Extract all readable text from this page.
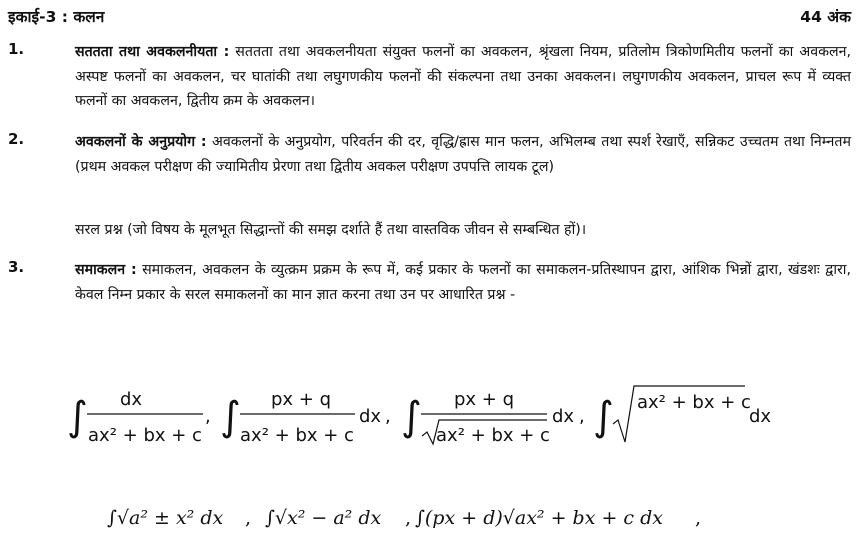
इकाई-3 : कलन	44 अंक
1.	सततता तथा अवकलनीयता : सततता तथा अवकलनीयता संयुक्त फलनों का अवकलन, श्रृंखला नियम, प्रतिलोम त्रिकोणमितीय फलनों का अवकलन, अस्पष्ट फलनों का अवकलन, चर घातांकी तथा लघुगणकीय फलनों की संकल्पना तथा उनका अवकलन। लघुगणकीय अवकलन, प्राचल रूप में व्यक्त फलनों का अवकलन, द्वितीय क्रम के अवकलन।
2.	अवकलनों के अनुप्रयोग : अवकलनों के अनुप्रयोग, परिवर्तन की दर, वृद्धि/ह्रास मान फलन, अभिलम्ब तथा स्पर्श रेखाएँ, सन्निकट उच्चतम तथा निम्नतम (प्रथम अवकल परीक्षण की ज्यामितीय प्रेरणा तथा द्वितीय अवकल परीक्षण उपपत्ति लायक टूल)
सरल प्रश्न (जो विषय के मूलभूत सिद्धान्तों की समझ दर्शाते हैं तथा वास्तविक जीवन से सम्बन्धित हों)।
3.	समाकलन : समाकलन, अवकलन के व्युत्क्रम प्रक्रम के रूप में, कई प्रकार के फलनों का समाकलन-प्रतिस्थापन द्वारा, आंशिक भिन्नों द्वारा, खंडशः द्वारा, केवल निम्न प्रकार के सरल समाकलनों का मान ज्ञात करना तथा उन पर आधारित प्रश्न -
∫ dx
ax² + bx + c
, ∫ px + q
ax² + bx + c
dx , ∫ px + q
ax² + bx + c
dx , ∫ ax² + bx + c
dx
∫√a² ± x² dx , ∫√x² − a² dx , ∫(px + d)√ax² + bx + c dx ,
